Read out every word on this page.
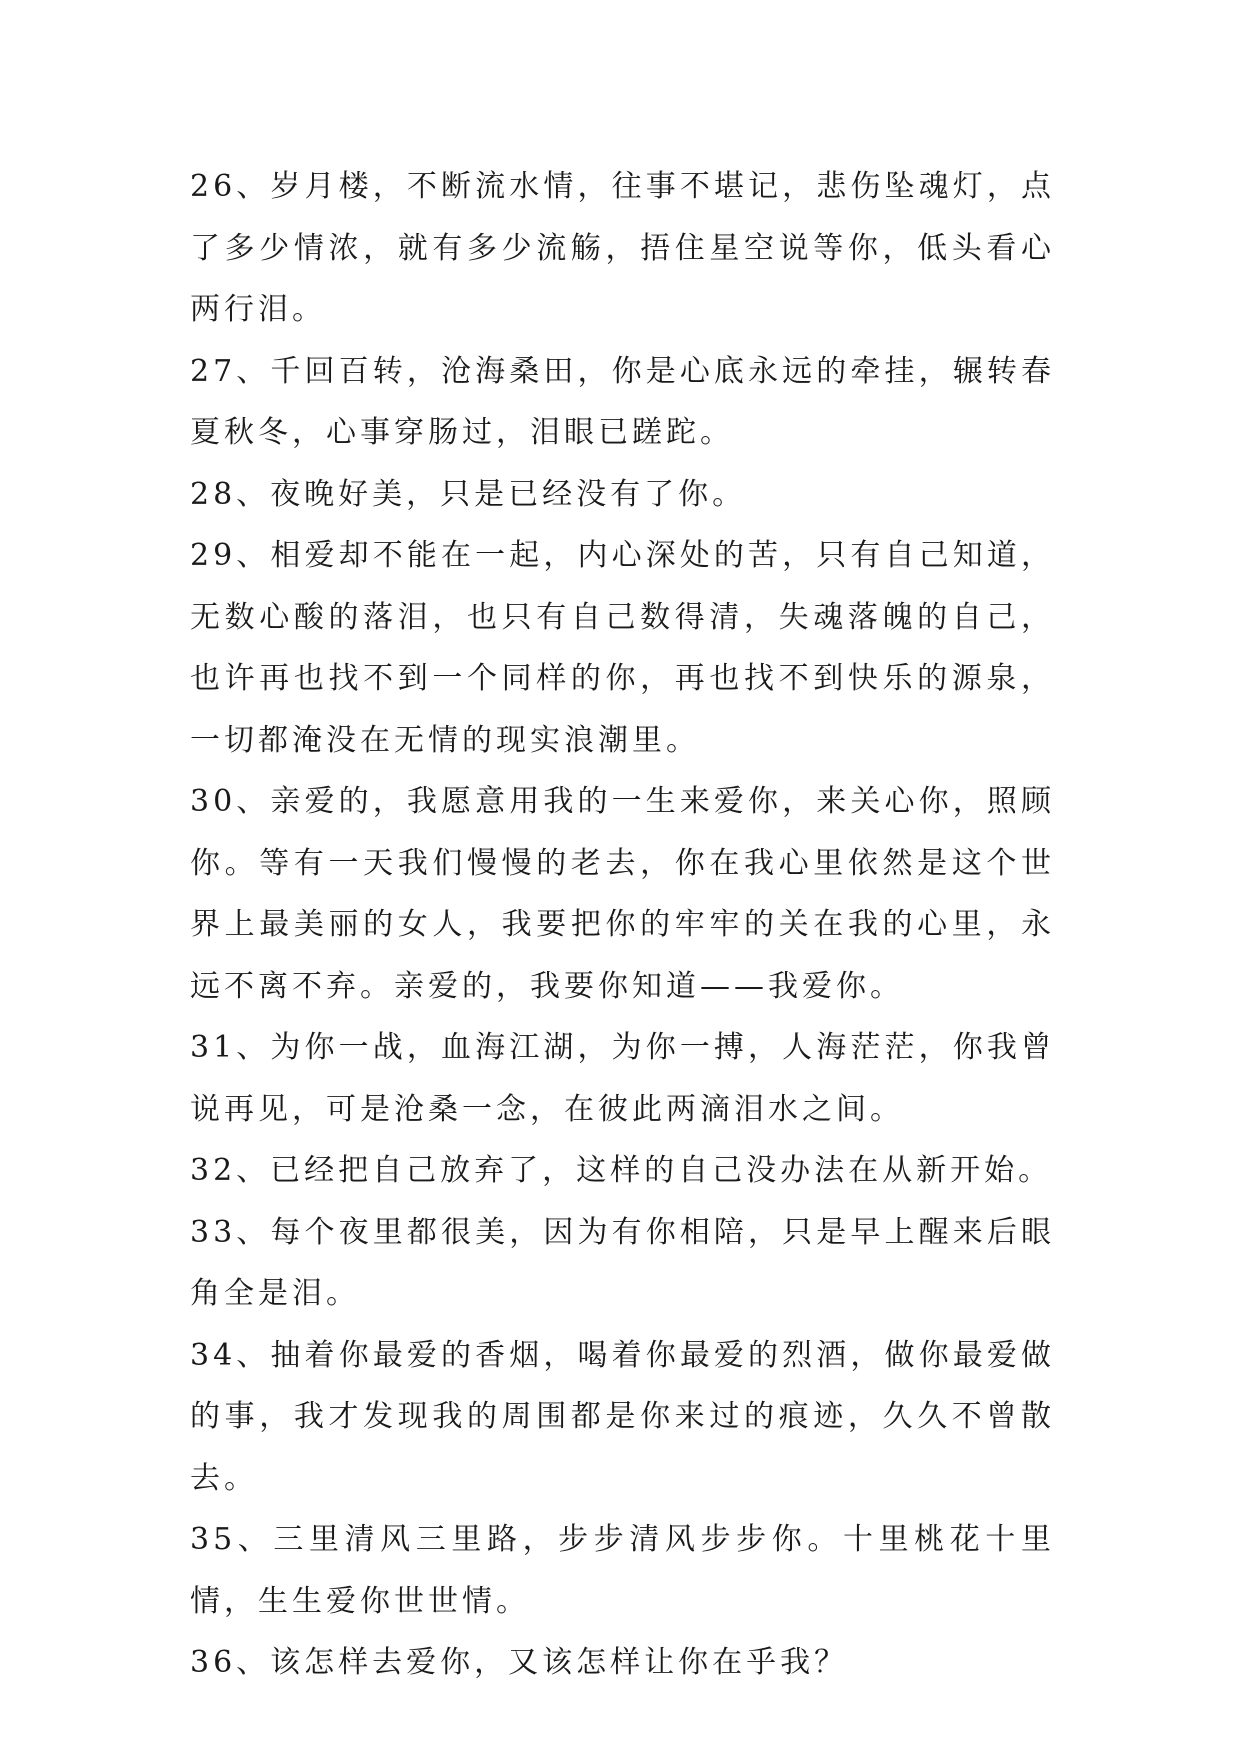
26、岁月楼，不断流水情，往事不堪记，悲伤坠魂灯，点了多少情浓，就有多少流觞，捂住星空说等你，低头看心两行泪。

27、千回百转，沧海桑田，你是心底永远的牵挂，辗转春夏秋冬，心事穿肠过，泪眼已蹉跎。

28、夜晚好美，只是已经没有了你。

29、相爱却不能在一起，内心深处的苦，只有自己知道，无数心酸的落泪，也只有自己数得清，失魂落魄的自己，也许再也找不到一个同样的你，再也找不到快乐的源泉，一切都淹没在无情的现实浪潮里。

30、亲爱的，我愿意用我的一生来爱你，来关心你，照顾你。等有一天我们慢慢的老去，你在我心里依然是这个世界上最美丽的女人，我要把你的牢牢的关在我的心里，永远不离不弃。亲爱的，我要你知道——我爱你。

31、为你一战，血海江湖，为你一搏，人海茫茫，你我曾说再见，可是沧桑一念，在彼此两滴泪水之间。

32、已经把自己放弃了，这样的自己没办法在从新开始。

33、每个夜里都很美，因为有你相陪，只是早上醒来后眼角全是泪。

34、抽着你最爱的香烟，喝着你最爱的烈酒，做你最爱做的事，我才发现我的周围都是你来过的痕迹，久久不曾散去。

35、三里清风三里路，步步清风步步你。十里桃花十里情，生生爱你世世情。

36、该怎样去爱你，又该怎样让你在乎我？
